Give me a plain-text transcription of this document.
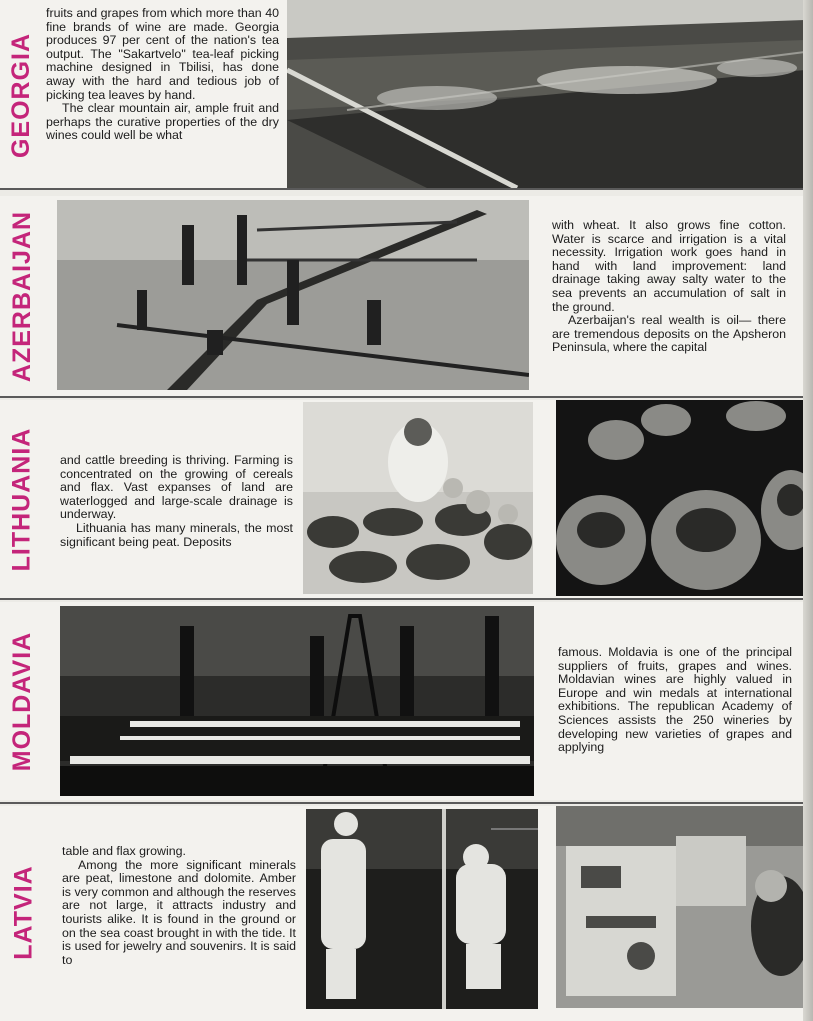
GEORGIA

fruits and grapes from which more than 40 fine brands of wine are made. Georgia produces 97 per cent of the nation's tea output. The "Sakartvelo" tea-leaf picking machine designed in Tbilisi, has done away with the hard and tedious job of picking tea leaves by hand.

The clear mountain air, ample fruit and perhaps the curative properties of the dry wines could well be what

AZERBAIJAN	with wheat. It also grows fine cotton. Water is scarce and irrigation is a vital necessity. Irrigation work goes hand in hand with land improvement: land drainage taking away salty water to the sea prevents an accumulation of salt in the ground.

Azerbaijan's real wealth is oil— there are tremendous deposits on the Apsheron Peninsula, where the capital

LITHUANIA and cattle breeding is thriving. Farming is concentrated on the growing of cereals and flax. Vast expanses of land are waterlogged and large-scale drainage is underway.

Lithuania has many minerals, the most significant being peat. Deposits

MOLDAVIA	famous. Moldavia is one of the principal suppliers of fruits, grapes and wines. Moldavian wines are highly valued in Europe and win medals at international exhibitions. The republican Academy of Sciences assists the 250 wineries by developing new varieties of grapes and applying

LATVIA

table and flax growing.

Among the more significant minerals are peat, limestone and dolomite. Amber is very common and although the reserves are not large, it attracts industry and tourists alike. It is found in the ground or on the sea coast brought in with the tide. It is used for jewelry and souvenirs. It is said to
